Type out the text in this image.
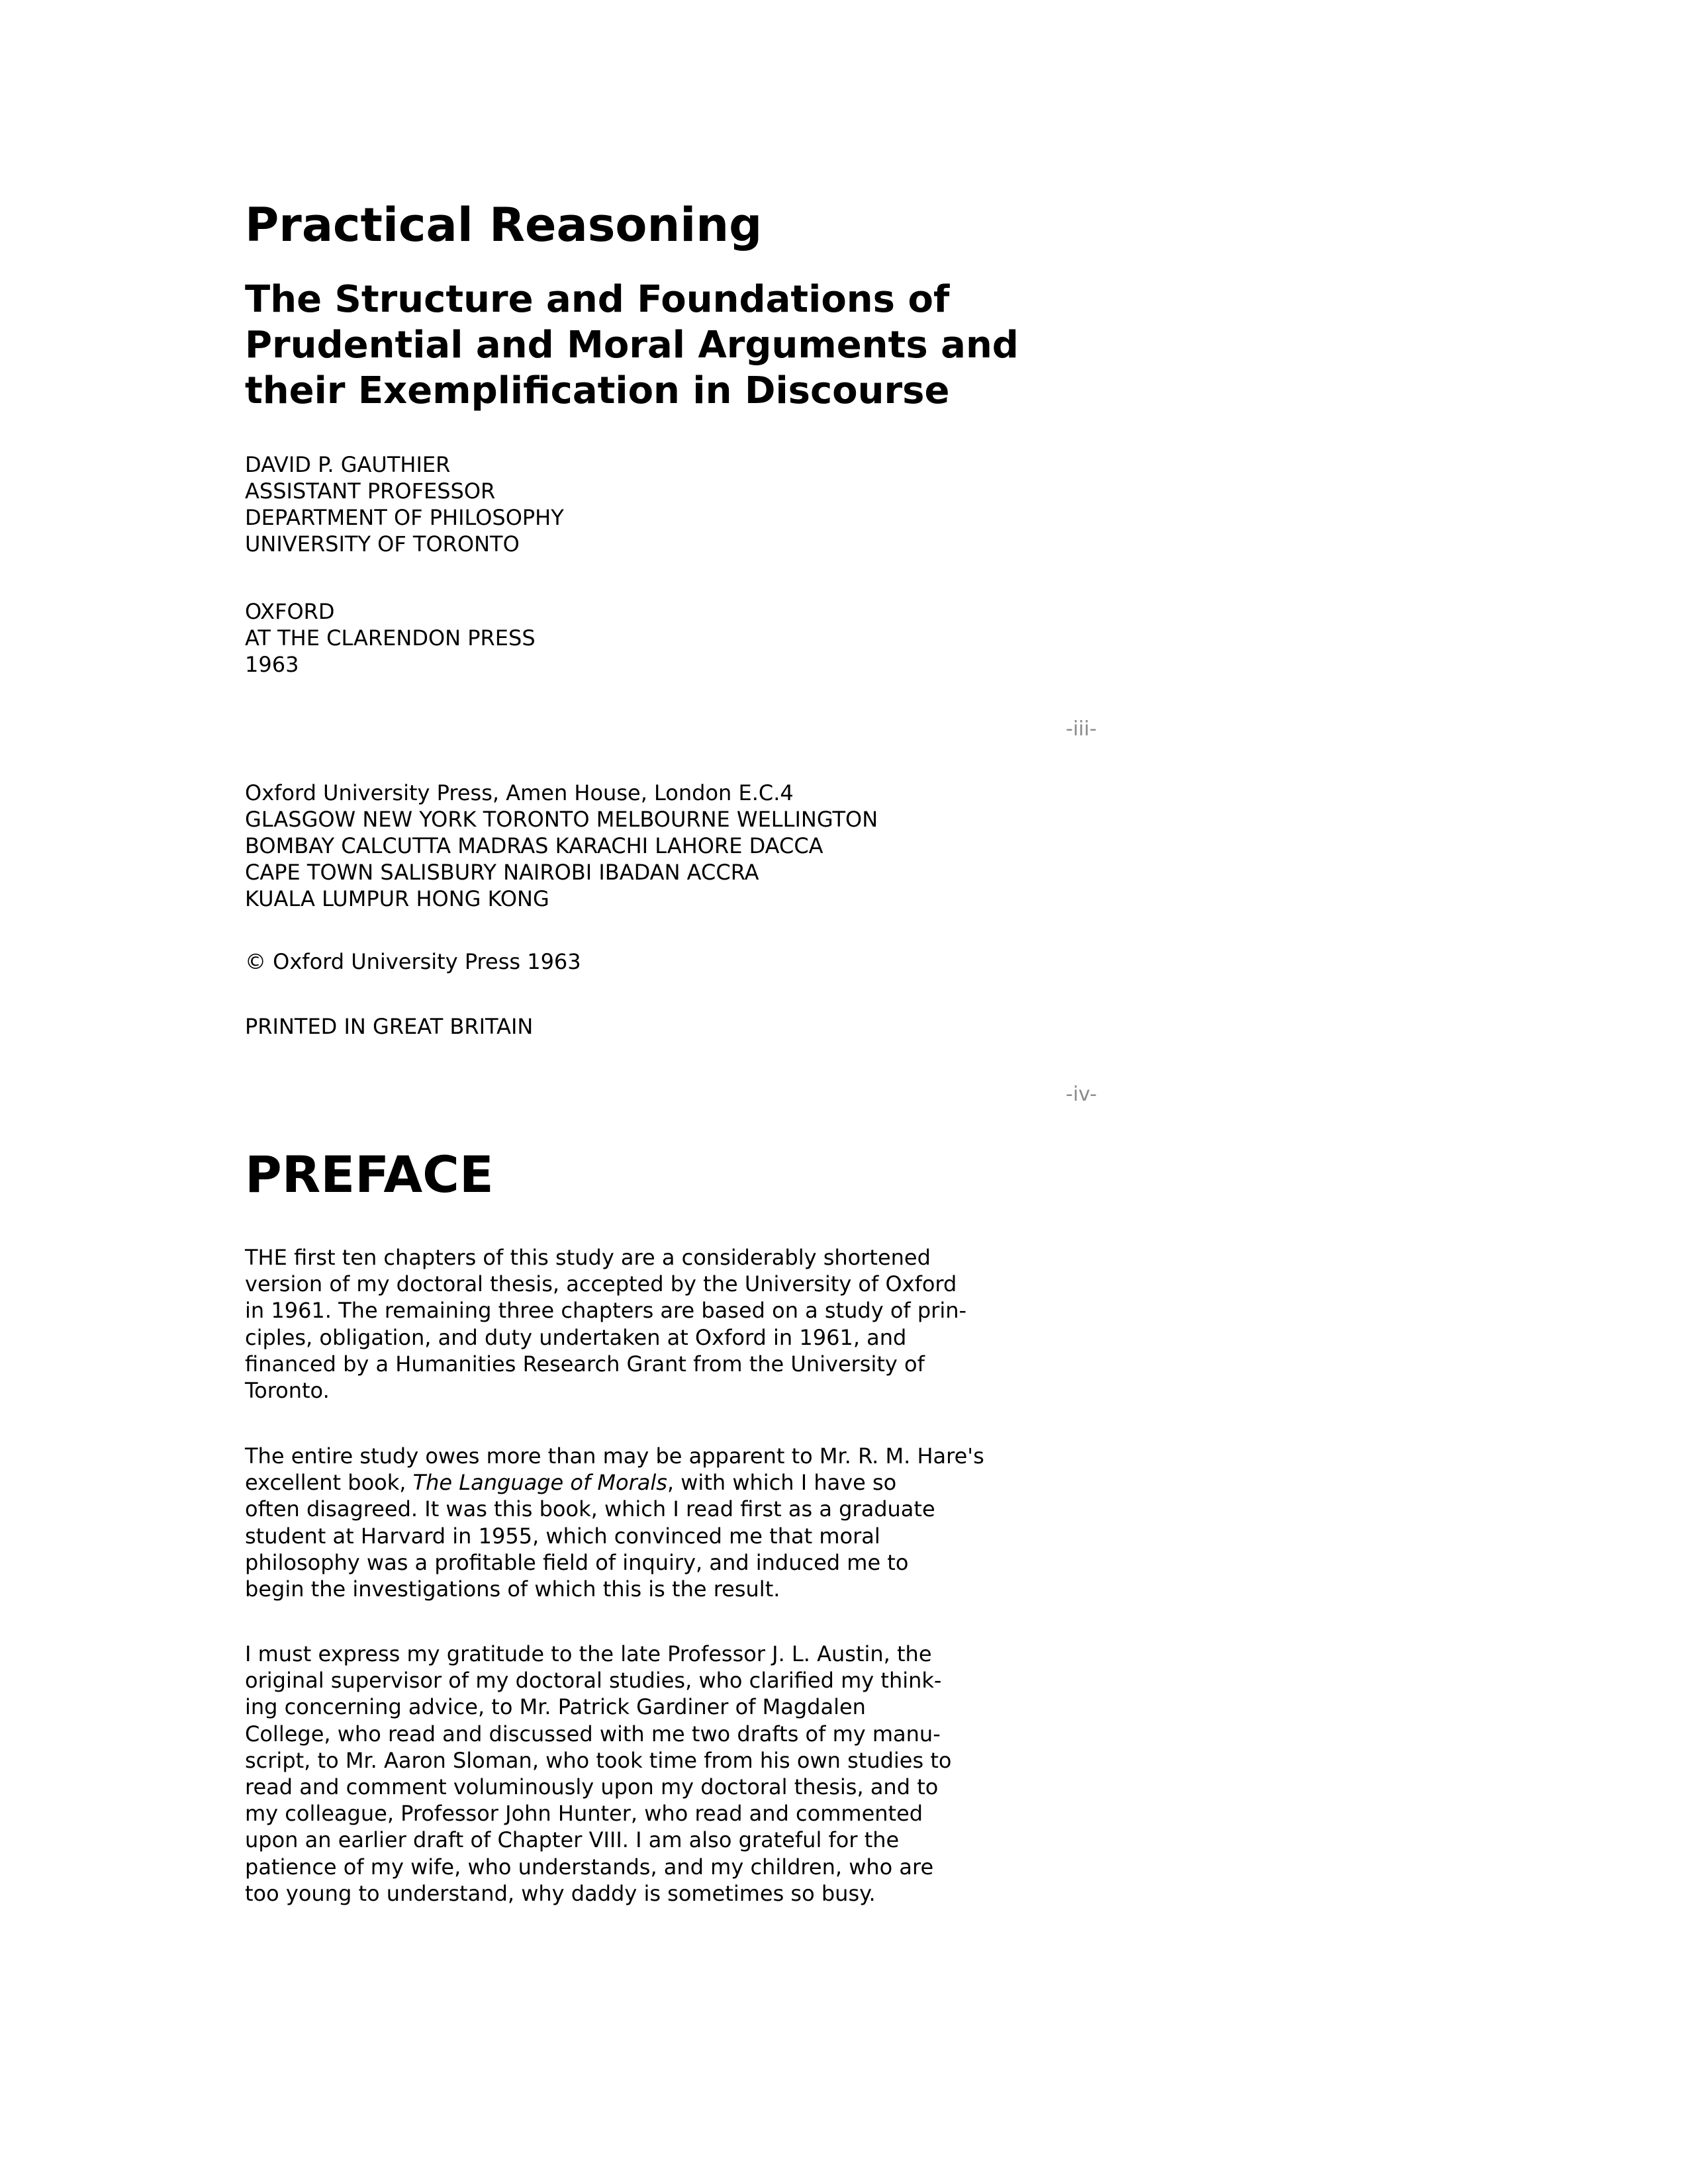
Practical Reasoning
The Structure and Foundations of
Prudential and Moral Arguments and
their Exemplification in Discourse
DAVID P. GAUTHIER
ASSISTANT PROFESSOR
DEPARTMENT OF PHILOSOPHY
UNIVERSITY OF TORONTO
OXFORD
AT THE CLARENDON PRESS
1963
-iii-
Oxford University Press, Amen House, London E.C.4
GLASGOW NEW YORK TORONTO MELBOURNE WELLINGTON
BOMBAY CALCUTTA MADRAS KARACHI LAHORE DACCA
CAPE TOWN SALISBURY NAIROBI IBADAN ACCRA
KUALA LUMPUR HONG KONG
© Oxford University Press 1963
PRINTED IN GREAT BRITAIN
-iv-
PREFACE

THE first ten chapters of this study are a considerably shortened
version of my doctoral thesis, accepted by the University of Oxford
in 1961. The remaining three chapters are based on a study of prin-
ciples, obligation, and duty undertaken at Oxford in 1961, and
financed by a Humanities Research Grant from the University of
Toronto.

The entire study owes more than may be apparent to Mr. R. M. Hare's
excellent book, The Language of Morals, with which I have so
often disagreed. It was this book, which I read first as a graduate
student at Harvard in 1955, which convinced me that moral
philosophy was a profitable field of inquiry, and induced me to
begin the investigations of which this is the result.

I must express my gratitude to the late Professor J. L. Austin, the
original supervisor of my doctoral studies, who clarified my think-
ing concerning advice, to Mr. Patrick Gardiner of Magdalen
College, who read and discussed with me two drafts of my manu-
script, to Mr. Aaron Sloman, who took time from his own studies to
read and comment voluminously upon my doctoral thesis, and to
my colleague, Professor John Hunter, who read and commented
upon an earlier draft of Chapter VIII. I am also grateful for the
patience of my wife, who understands, and my children, who are
too young to understand, why daddy is sometimes so busy.
